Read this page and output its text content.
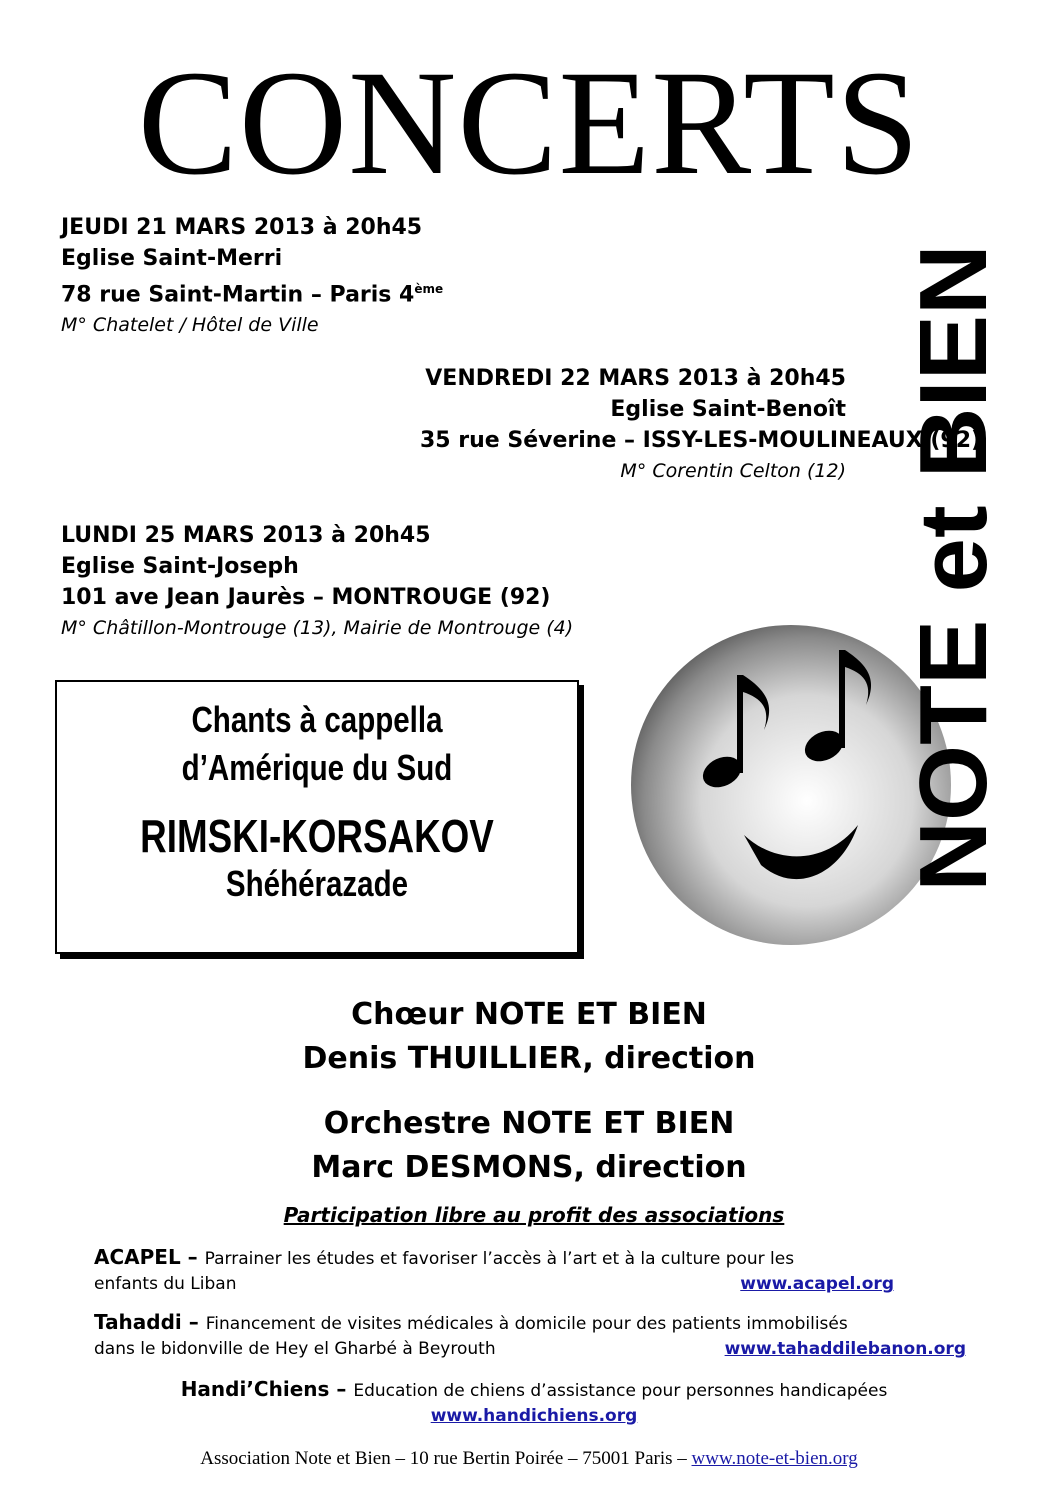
CONCERTS
JEUDI 21 MARS 2013 à 20h45
Eglise Saint-Merri
78 rue Saint-Martin – Paris 4ème
M° Chatelet / Hôtel de Ville
VENDREDI 22 MARS 2013 à 20h45
Eglise Saint-Benoît
35 rue Séverine – ISSY-LES-MOULINEAUX (92)
M° Corentin Celton (12)
LUNDI 25 MARS 2013 à 20h45
Eglise Saint-Joseph
101 ave Jean Jaurès – MONTROUGE (92)
M° Châtillon-Montrouge (13), Mairie de Montrouge (4)
Chants à cappella
d’Amérique du Sud
RIMSKI-KORSAKOV
Shéhérazade	NOTE et BIEN
Chœur NOTE ET BIEN
Denis THUILLIER, direction
Orchestre NOTE ET BIEN
Marc DESMONS, direction
Participation libre au profit des associations
ACAPEL – Parrainer les études et favoriser l’accès à l’art et à la culture pour les
enfants du Liban	www.acapel.org
Tahaddi – Financement de visites médicales à domicile pour des patients immobilisés
dans le bidonville de Hey el Gharbé à Beyrouth	www.tahaddilebanon.org
Handi’Chiens – Education de chiens d’assistance pour personnes handicapées
www.handichiens.org
Association Note et Bien – 10 rue Bertin Poirée – 75001 Paris – www.note-et-bien.org
